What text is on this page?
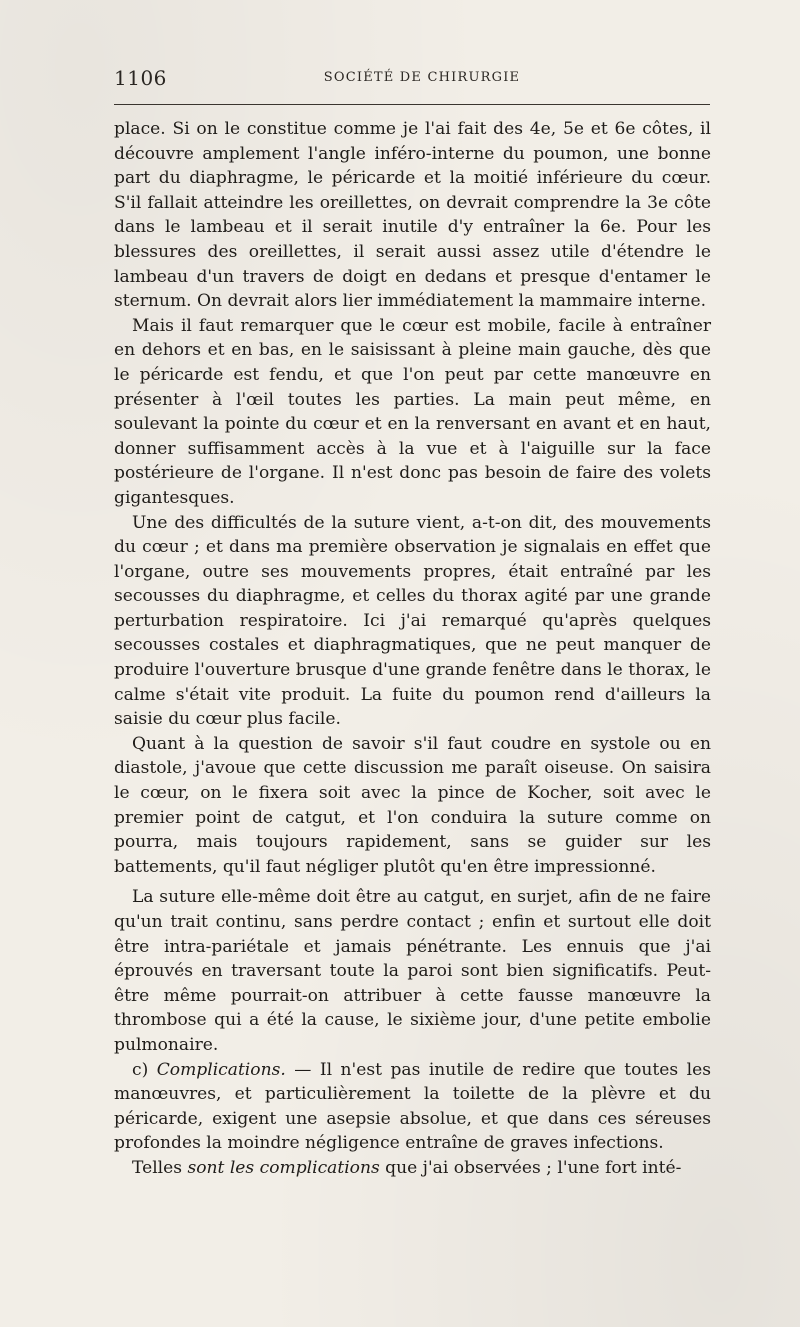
1106	SOCIÉTÉ DE CHIRURGIE

place. Si on le constitue comme je l'ai fait des 4e, 5e et 6e côtes, il découvre amplement l'angle inféro-interne du poumon, une bonne part du diaphragme, le péricarde et la moitié inférieure du cœur. S'il fallait atteindre les oreillettes, on devrait comprendre la 3e côte dans le lambeau et il serait inutile d'y entraîner la 6e. Pour les blessures des oreillettes, il serait aussi assez utile d'étendre le lambeau d'un travers de doigt en dedans et presque d'entamer le sternum. On devrait alors lier immédiatement la mammaire interne.

Mais il faut remarquer que le cœur est mobile, facile à entraîner en dehors et en bas, en le saisissant à pleine main gauche, dès que le péricarde est fendu, et que l'on peut par cette manœuvre en présenter à l'œil toutes les parties. La main peut même, en soulevant la pointe du cœur et en la renversant en avant et en haut, donner suffisamment accès à la vue et à l'aiguille sur la face postérieure de l'organe. Il n'est donc pas besoin de faire des volets gigantesques.

Une des difficultés de la suture vient, a-t-on dit, des mouvements du cœur ; et dans ma première observation je signalais en effet que l'organe, outre ses mouvements propres, était entraîné par les secousses du diaphragme, et celles du thorax agité par une grande perturbation respiratoire. Ici j'ai remarqué qu'après quelques secousses costales et diaphragmatiques, que ne peut manquer de produire l'ouverture brusque d'une grande fenêtre dans le thorax, le calme s'était vite produit. La fuite du poumon rend d'ailleurs la saisie du cœur plus facile.

Quant à la question de savoir s'il faut coudre en systole ou en diastole, j'avoue que cette discussion me paraît oiseuse. On saisira le cœur, on le fixera soit avec la pince de Kocher, soit avec le premier point de catgut, et l'on conduira la suture comme on pourra, mais toujours rapidement, sans se guider sur les battements, qu'il faut négliger plutôt qu'en être impressionné.

La suture elle-même doit être au catgut, en surjet, afin de ne faire qu'un trait continu, sans perdre contact ; enfin et surtout elle doit être intra-pariétale et jamais pénétrante. Les ennuis que j'ai éprouvés en traversant toute la paroi sont bien significatifs. Peut-être même pourrait-on attribuer à cette fausse manœuvre la thrombose qui a été la cause, le sixième jour, d'une petite embolie pulmonaire.

c) Complications. — Il n'est pas inutile de redire que toutes les manœuvres, et particulièrement la toilette de la plèvre et du péricarde, exigent une asepsie absolue, et que dans ces séreuses profondes la moindre négligence entraîne de graves infections.

Telles sont les complications que j'ai observées ; l'une fort inté-
